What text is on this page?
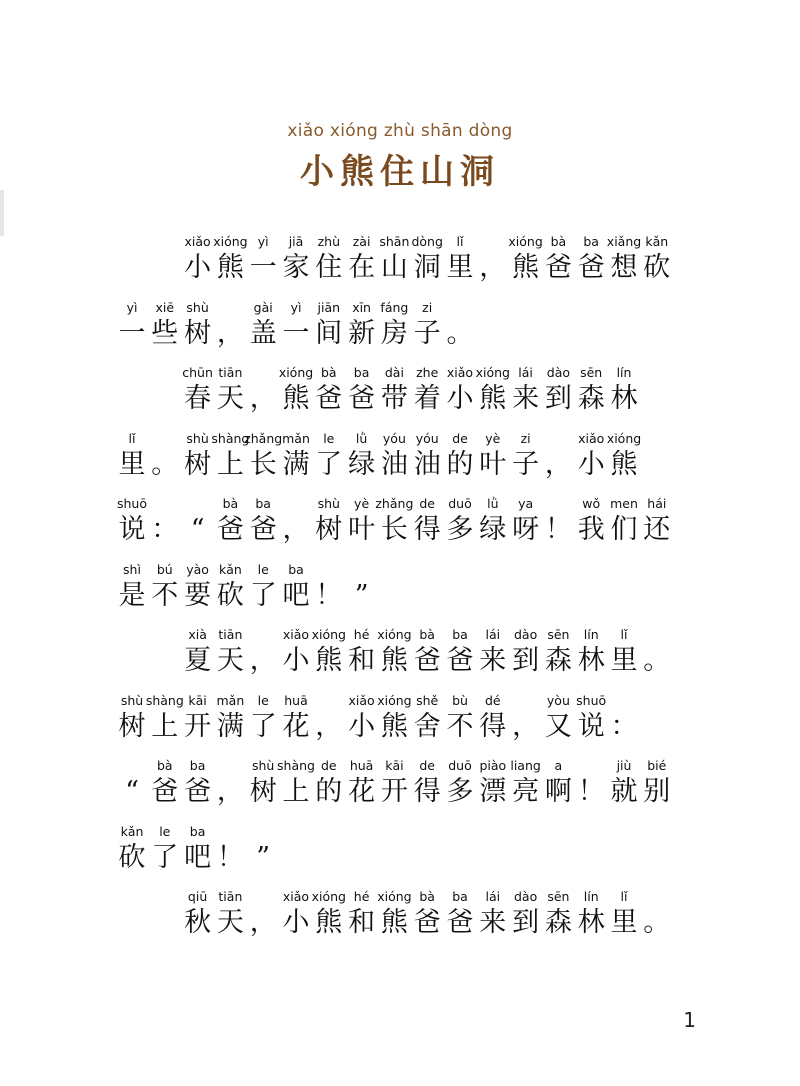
xiǎo xióng zhù shān dòng
小熊住山洞
xiǎo
小
xióng
熊
yì
一
jiā
家
zhù
住
zài
在
shān
山
dòng
洞
lǐ
里 ，
xióng
熊
bà
爸
ba
爸
xiǎng
想
kǎn
砍
yì
一
xiē
些
shù
树 ，
gài
盖
yì
一
jiān
间
xīn
新
fáng
房
zi
子 。
chūn
春
tiān
天 ，
xióng
熊
bà
爸
ba
爸
dài
带
zhe
着
xiǎo
小
xióng
熊
lái
来
dào
到
sēn
森
lín
林
lǐ
里 。
shù
树
shàng
上
zhǎng
长
mǎn
满
le
了
lǜ
绿
yóu
油
yóu
油
de
的
yè
叶
zi
子 ，
xiǎo
小
xióng
熊
shuō
说 ： “
bà
爸
ba
爸 ，
shù
树
yè
叶
zhǎng
长
de
得
duō
多
lǜ
绿
ya
呀 ！
wǒ
我
men
们
hái
还
shì
是
bú
不
yào
要
kǎn
砍
le
了
ba
吧 ！ ”
xià
夏
tiān
天 ，
xiǎo
小
xióng
熊
hé
和
xióng
熊
bà
爸
ba
爸
lái
来
dào
到
sēn
森
lín
林
lǐ
里 。
shù
树
shàng
上
kāi
开
mǎn
满
le
了
huā
花 ，
xiǎo
小
xióng
熊
shě
舍
bù
不
dé
得 ，
yòu
又
shuō
说 ：
“
bà
爸
ba
爸 ，
shù
树
shàng
上
de
的
huā
花
kāi
开
de
得
duō
多
piào
漂
liang
亮
a
啊 ！
jiù
就
bié
别
kǎn
砍
le
了
ba
吧 ！ ”
qiū
秋
tiān
天 ，
xiǎo
小
xióng
熊
hé
和
xióng
熊
bà
爸
ba
爸
lái
来
dào
到
sēn
森
lín
林
lǐ
里 。
1
